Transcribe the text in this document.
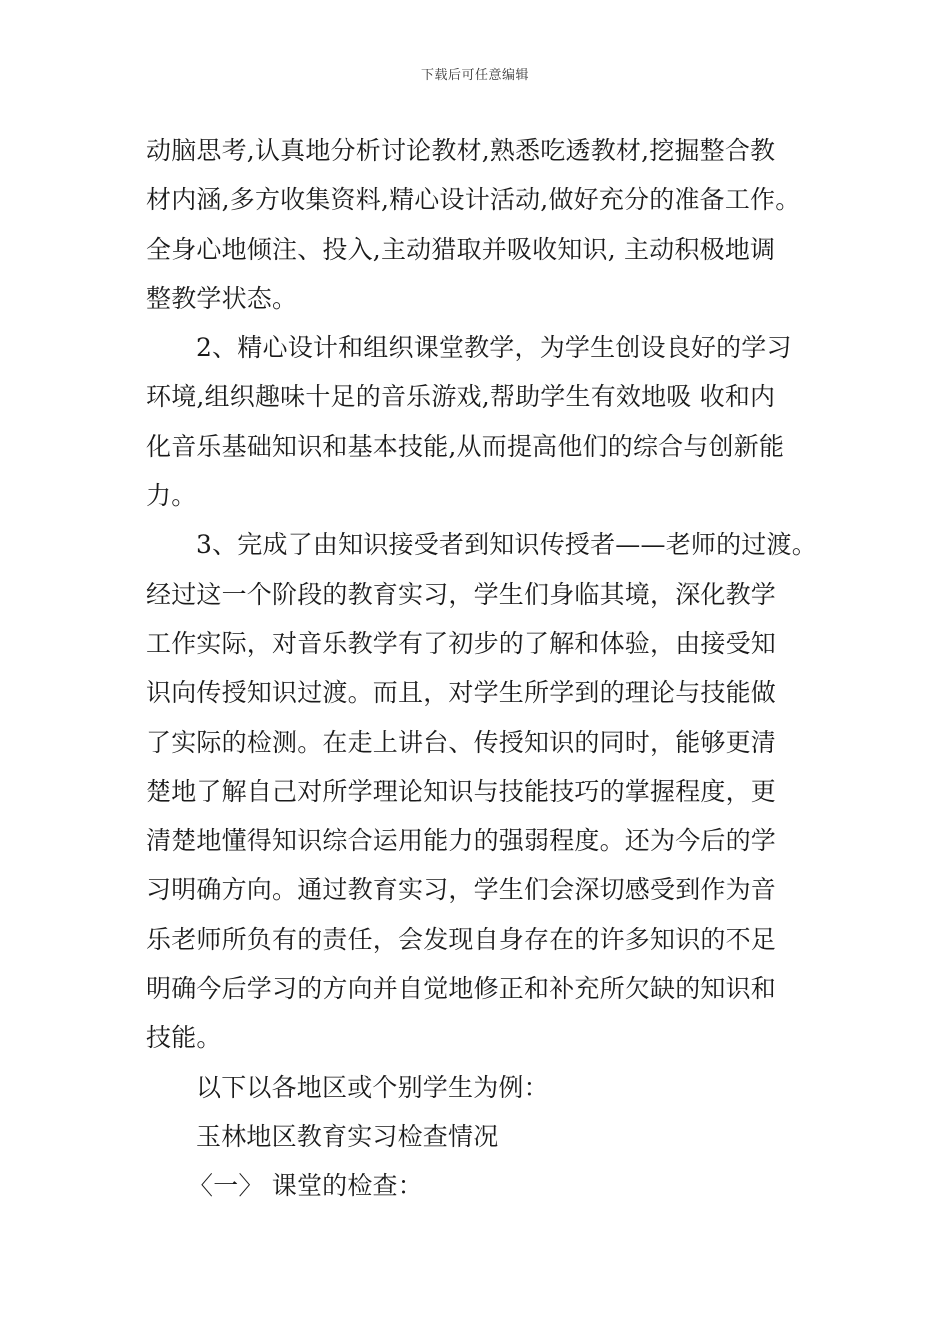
下载后可任意编辑
动脑思考,认真地分析讨论教材,熟悉吃透教材,挖掘整合教
材内涵,多方收集资料,精心设计活动,做好充分的准备工作。
全身心地倾注、投入,主动猎取并吸收知识, 主动积极地调
整教学状态。
2、精心设计和组织课堂教学，为学生创设良好的学习
环境,组织趣味十足的音乐游戏,帮助学生有效地吸 收和内
化音乐基础知识和基本技能,从而提高他们的综合与创新能
力。
3、完成了由知识接受者到知识传授者——老师的过渡。
经过这一个阶段的教育实习，学生们身临其境，深化教学
工作实际，对音乐教学有了初步的了解和体验，由接受知
识向传授知识过渡。而且，对学生所学到的理论与技能做
了实际的检测。在走上讲台、传授知识的同时，能够更清
楚地了解自己对所学理论知识与技能技巧的掌握程度，更
清楚地懂得知识综合运用能力的强弱程度。还为今后的学
习明确方向。通过教育实习，学生们会深切感受到作为音
乐老师所负有的责任，会发现自身存在的许多知识的不足
明确今后学习的方向并自觉地修正和补充所欠缺的知识和
技能。
以下以各地区或个别学生为例：
玉林地区教育实习检查情况
〈一〉 课堂的检查：
